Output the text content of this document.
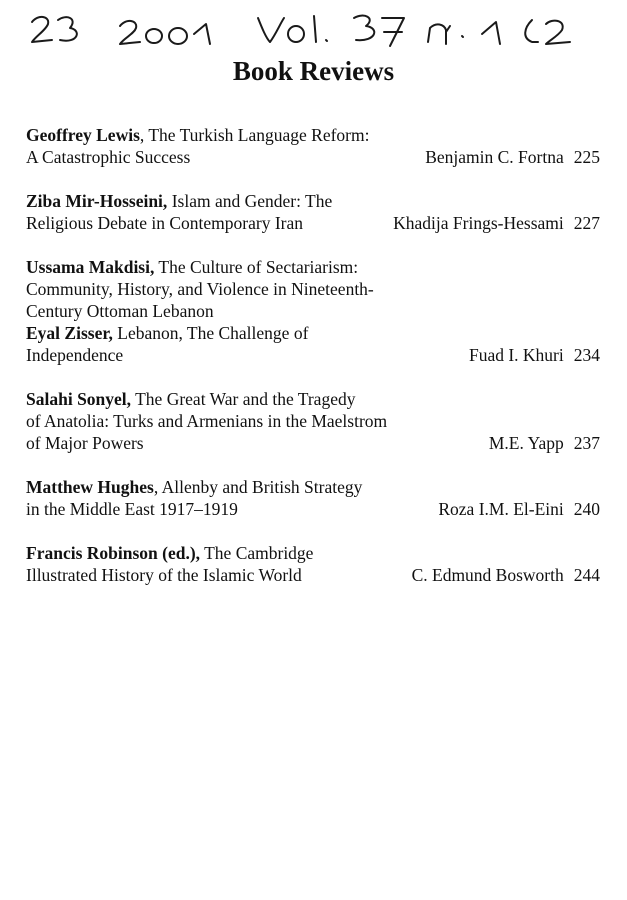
Book Reviews
Geoffrey Lewis, The Turkish Language Reform:
A Catastrophic Success	Benjamin C. Fortna 225
Ziba Mir-Hosseini, Islam and Gender: The
Religious Debate in Contemporary Iran	Khadija Frings-Hessami 227
Ussama Makdisi, The Culture of Sectariarism:
Community, History, and Violence in Nineteenth-
Century Ottoman Lebanon
Eyal Zisser, Lebanon, The Challenge of
Independence	Fuad I. Khuri 234
Salahi Sonyel, The Great War and the Tragedy
of Anatolia: Turks and Armenians in the Maelstrom
of Major Powers	M.E. Yapp 237
Matthew Hughes, Allenby and British Strategy
in the Middle East 1917–1919	Roza I.M. El-Eini 240
Francis Robinson (ed.), The Cambridge
Illustrated History of the Islamic World	C. Edmund Bosworth 244
